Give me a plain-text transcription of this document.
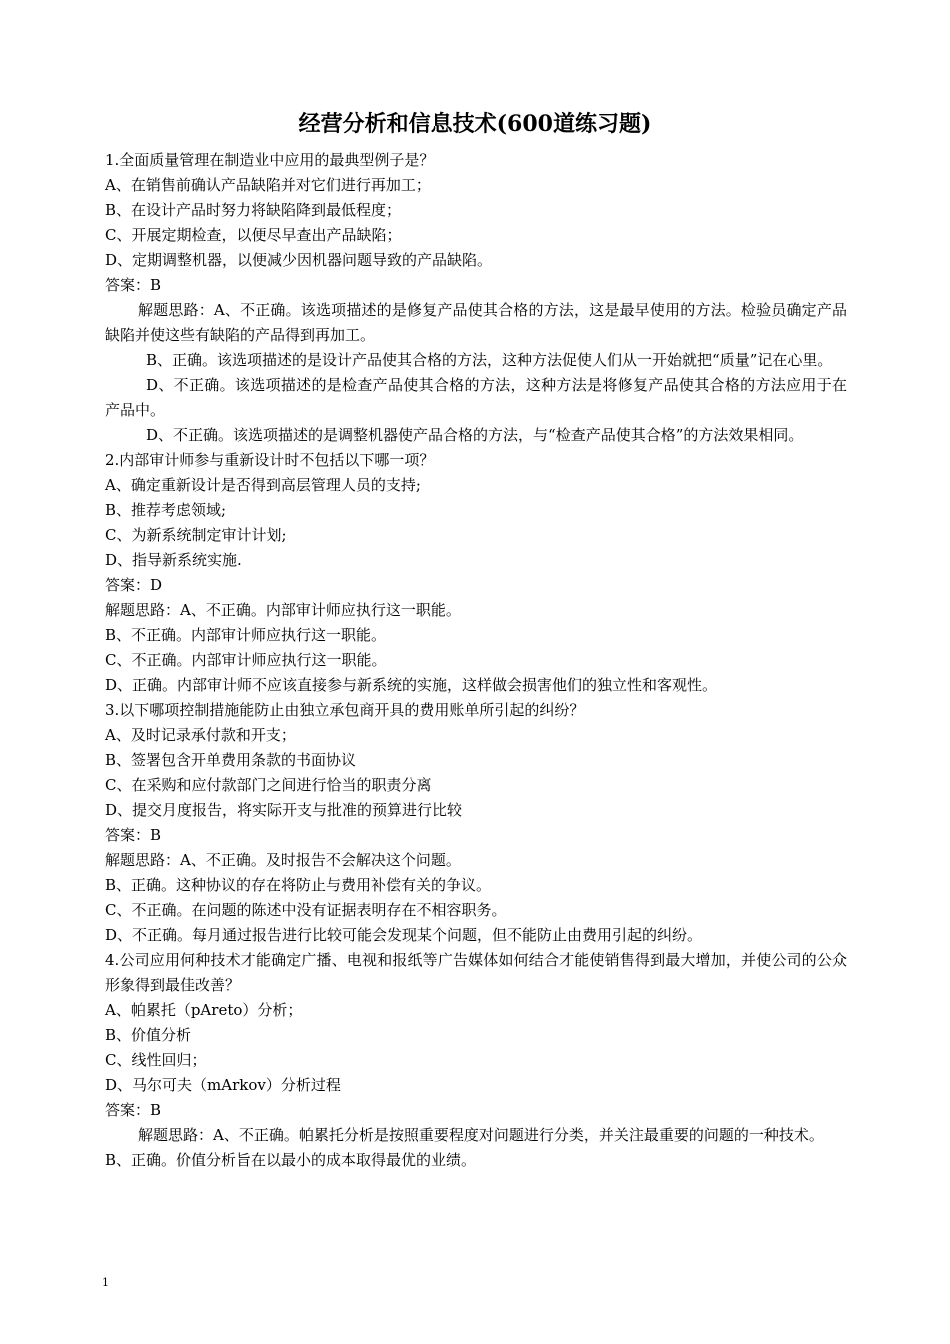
经营分析和信息技术(600道练习题)

1.全面质量管理在制造业中应用的最典型例子是？

A、在销售前确认产品缺陷并对它们进行再加工；

B、在设计产品时努力将缺陷降到最低程度；

C、开展定期检查，以便尽早查出产品缺陷；

D、定期调整机器，以便减少因机器问题导致的产品缺陷。

答案：B

解题思路：A、不正确。该选项描述的是修复产品使其合格的方法，这是最早使用的方法。检验员确定产品缺陷并使这些有缺陷的产品得到再加工。

B、正确。该选项描述的是设计产品使其合格的方法，这种方法促使人们从一开始就把“质量”记在心里。

D、不正确。该选项描述的是检查产品使其合格的方法，这种方法是将修复产品使其合格的方法应用于在产品中。

D、不正确。该选项描述的是调整机器使产品合格的方法，与“检查产品使其合格”的方法效果相同。

2.内部审计师参与重新设计时不包括以下哪一项？

A、确定重新设计是否得到高层管理人员的支持;

B、推荐考虑领域;

C、为新系统制定审计计划;

D、指导新系统实施.

答案：D

解题思路：A、不正确。内部审计师应执行这一职能。

B、不正确。内部审计师应执行这一职能。

C、不正确。内部审计师应执行这一职能。

D、正确。内部审计师不应该直接参与新系统的实施，这样做会损害他们的独立性和客观性。

3.以下哪项控制措施能防止由独立承包商开具的费用账单所引起的纠纷？

A、及时记录承付款和开支；

B、签署包含开单费用条款的书面协议

C、在采购和应付款部门之间进行恰当的职责分离

D、提交月度报告，将实际开支与批准的预算进行比较

答案：B

解题思路：A、不正确。及时报告不会解决这个问题。

B、正确。这种协议的存在将防止与费用补偿有关的争议。

C、不正确。在问题的陈述中没有证据表明存在不相容职务。

D、不正确。每月通过报告进行比较可能会发现某个问题，但不能防止由费用引起的纠纷。

4.公司应用何种技术才能确定广播、电视和报纸等广告媒体如何结合才能使销售得到最大增加，并使公司的公众形象得到最佳改善？

A、帕累托（pAreto）分析；

B、价值分析

C、线性回归；

D、马尔可夫（mArkov）分析过程

答案：B

解题思路：A、不正确。帕累托分析是按照重要程度对问题进行分类，并关注最重要的问题的一种技术。

B、正确。价值分析旨在以最小的成本取得最优的业绩。

1
